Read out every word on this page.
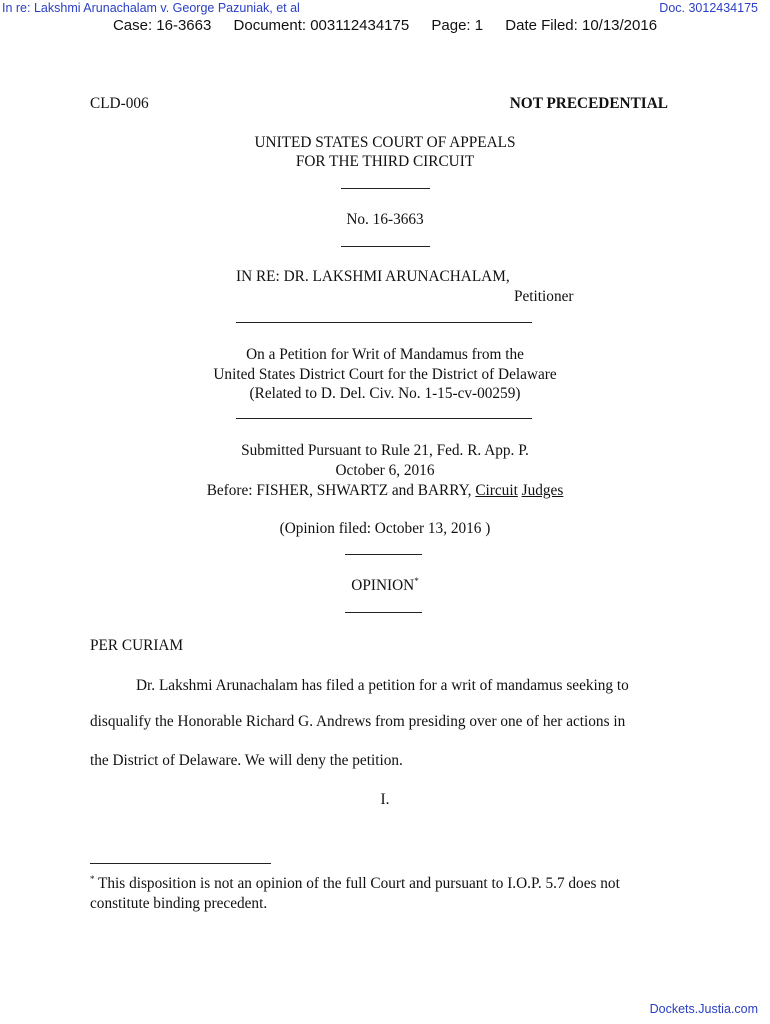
In re: Lakshmi Arunachalam v. George Pazuniak, et al	Doc. 3012434175
Case: 16-3663 Document: 003112434175 Page: 1 Date Filed: 10/13/2016
CLD-006	NOT PRECEDENTIAL
UNITED STATES COURT OF APPEALS
FOR THE THIRD CIRCUIT
No. 16-3663
IN RE: DR. LAKSHMI ARUNACHALAM,
Petitioner
On a Petition for Writ of Mandamus from the
United States District Court for the District of Delaware
(Related to D. Del. Civ. No. 1-15-cv-00259)
Submitted Pursuant to Rule 21, Fed. R. App. P.
October 6, 2016
Before: FISHER, SHWARTZ and BARRY, Circuit Judges
(Opinion filed: October 13, 2016 )
OPINION*
PER CURIAM
Dr. Lakshmi Arunachalam has filed a petition for a writ of mandamus seeking to
disqualify the Honorable Richard G. Andrews from presiding over one of her actions in
the District of Delaware. We will deny the petition.
I.
* This disposition is not an opinion of the full Court and pursuant to I.O.P. 5.7 does not
constitute binding precedent.
Dockets.Justia.com
